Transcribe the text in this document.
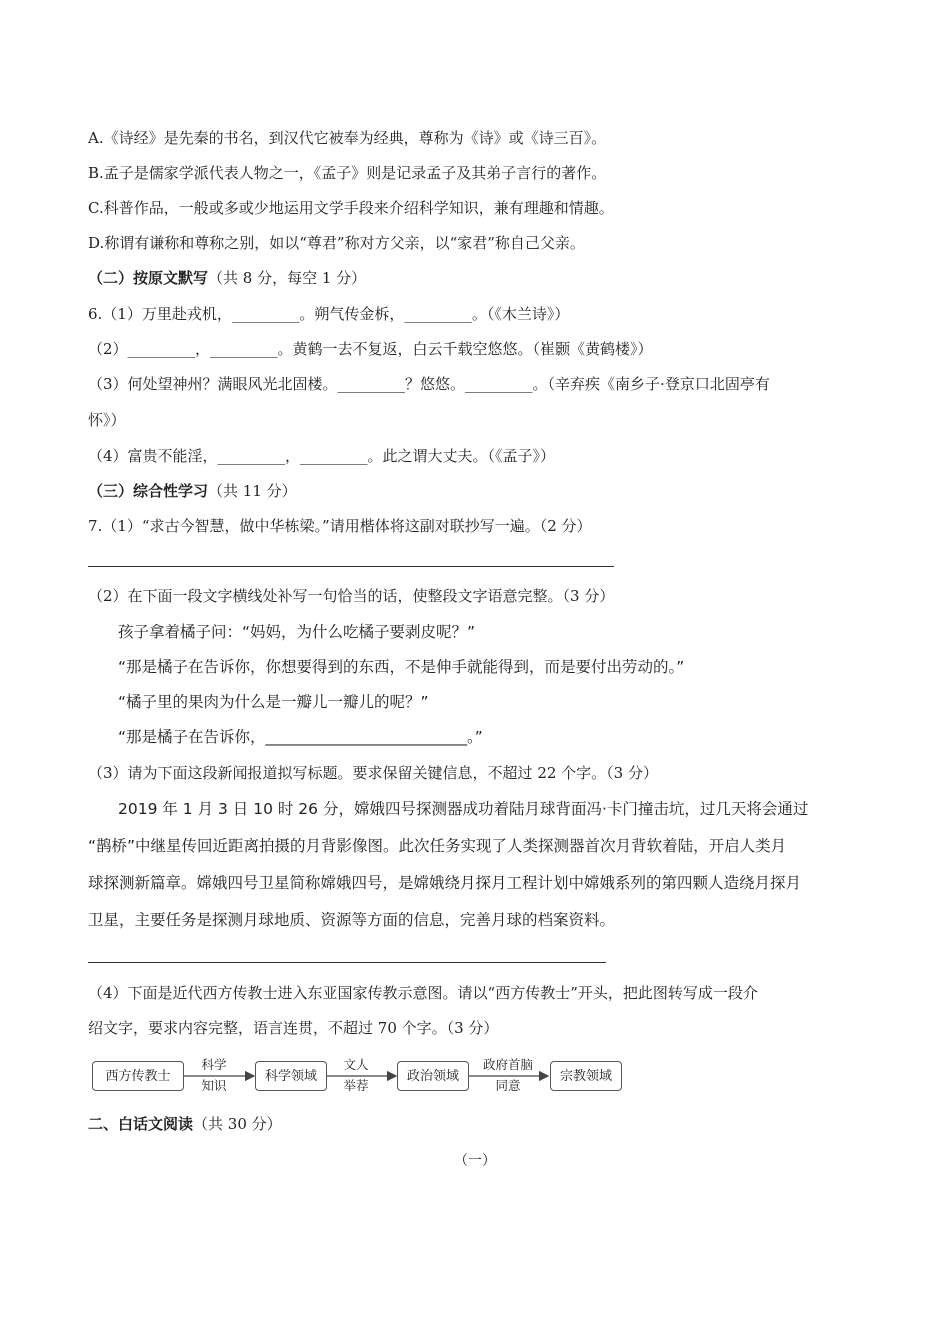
A.《诗经》是先秦的书名，到汉代它被奉为经典，尊称为《诗》或《诗三百》。
B.孟子是儒家学派代表人物之一，《孟子》则是记录孟子及其弟子言行的著作。
C.科普作品，一般或多或少地运用文学手段来介绍科学知识，兼有理趣和情趣。
D.称谓有谦称和尊称之别，如以“尊君”称对方父亲，以“家君”称自己父亲。
（二）按原文默写（共 8 分，每空 1 分）
6.（1）万里赴戎机，_________。朔气传金柝，_________。（《木兰诗》）
（2）_________，_________。黄鹤一去不复返，白云千载空悠悠。（崔颢《黄鹤楼》）
（3）何处望神州？满眼风光北固楼。_________？悠悠。_________。（辛弃疾《南乡子·登京口北固亭有
怀》）
（4）富贵不能淫，_________，_________。此之谓大丈夫。（《孟子》）
（三）综合性学习（共 11 分）
7.（1）“求古今智慧，做中华栋梁。”请用楷体将这副对联抄写一遍。（2 分）
（2）在下面一段文字横线处补写一句恰当的话，使整段文字语意完整。（3 分）
孩子拿着橘子问：“妈妈，为什么吃橘子要剥皮呢？”
“那是橘子在告诉你，你想要得到的东西，不是伸手就能得到，而是要付出劳动的。”
“橘子里的果肉为什么是一瓣儿一瓣儿的呢？”
“那是橘子在告诉你，__________________________。”
（3）请为下面这段新闻报道拟写标题。要求保留关键信息，不超过 22 个字。（3 分）
2019 年 1 月 3 日 10 时 26 分，嫦娥四号探测器成功着陆月球背面冯·卡门撞击坑，过几天将会通过
“鹊桥”中继星传回近距离拍摄的月背影像图。此次任务实现了人类探测器首次月背软着陆，开启人类月
球探测新篇章。嫦娥四号卫星简称嫦娥四号，是嫦娥绕月探月工程计划中嫦娥系列的第四颗人造绕月探月
卫星，主要任务是探测月球地质、资源等方面的信息，完善月球的档案资料。
（4）下面是近代西方传教士进入东亚国家传教示意图。请以“西方传教士”开头，把此图转写成一段介
绍文字，要求内容完整，语言连贯，不超过 70 个字。（3 分）
西方传教士	科学领域	政治领域	宗教领域
科学
知识
文人
举荐
政府首脑
同意
二、白话文阅读（共 30 分）
（一）
